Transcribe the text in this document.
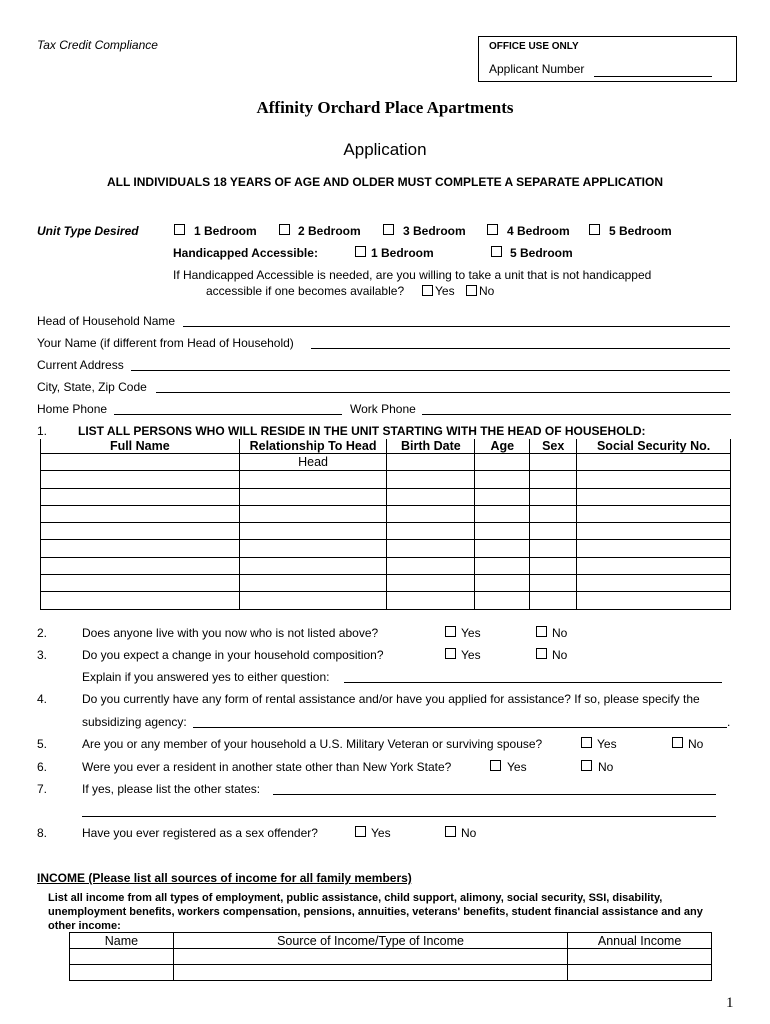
Tax Credit Compliance	OFFICE USE ONLY
Applicant Number
Affinity Orchard Place Apartments
Application
ALL INDIVIDUALS 18 YEARS OF AGE AND OLDER MUST COMPLETE A SEPARATE APPLICATION
Unit Type Desired	1 Bedroom	2 Bedroom	3 Bedroom	4 Bedroom	5 Bedroom
Handicapped Accessible:	1 Bedroom	5 Bedroom
If Handicapped Accessible is needed, are you willing to take a unit that is not handicapped
accessible if one becomes available?	Yes No
Head of Household Name
Your Name (if different from Head of Household)
Current Address
City, State, Zip Code
Home Phone	Work Phone
1.	LIST ALL PERSONS WHO WILL RESIDE IN THE UNIT STARTING WITH THE HEAD OF HOUSEHOLD:
Full Name	Relationship To Head	Birth Date	Age	Sex	Social Security No.
	Head				

2.	Does anyone live with you now who is not listed above?	Yes	No
3.	Do you expect a change in your household composition?	Yes	No
Explain if you answered yes to either question:
4.	Do you currently have any form of rental assistance and/or have you applied for assistance? If so, please specify the
subsidizing agency:	.
5.	Are you or any member of your household a U.S. Military Veteran or surviving spouse?	Yes	No
6.	Were you ever a resident in another state other than New York State?	Yes	No
7.	If yes, please list the other states:
8.	Have you ever registered as a sex offender?	Yes	No
INCOME (Please list all sources of income for all family members)
List all income from all types of employment, public assistance, child support, alimony, social security, SSI, disability,
unemployment benefits, workers compensation, pensions, annuities, veterans' benefits, student financial assistance and any
other income:
Name	Source of Income/Type of Income	Annual Income

1
